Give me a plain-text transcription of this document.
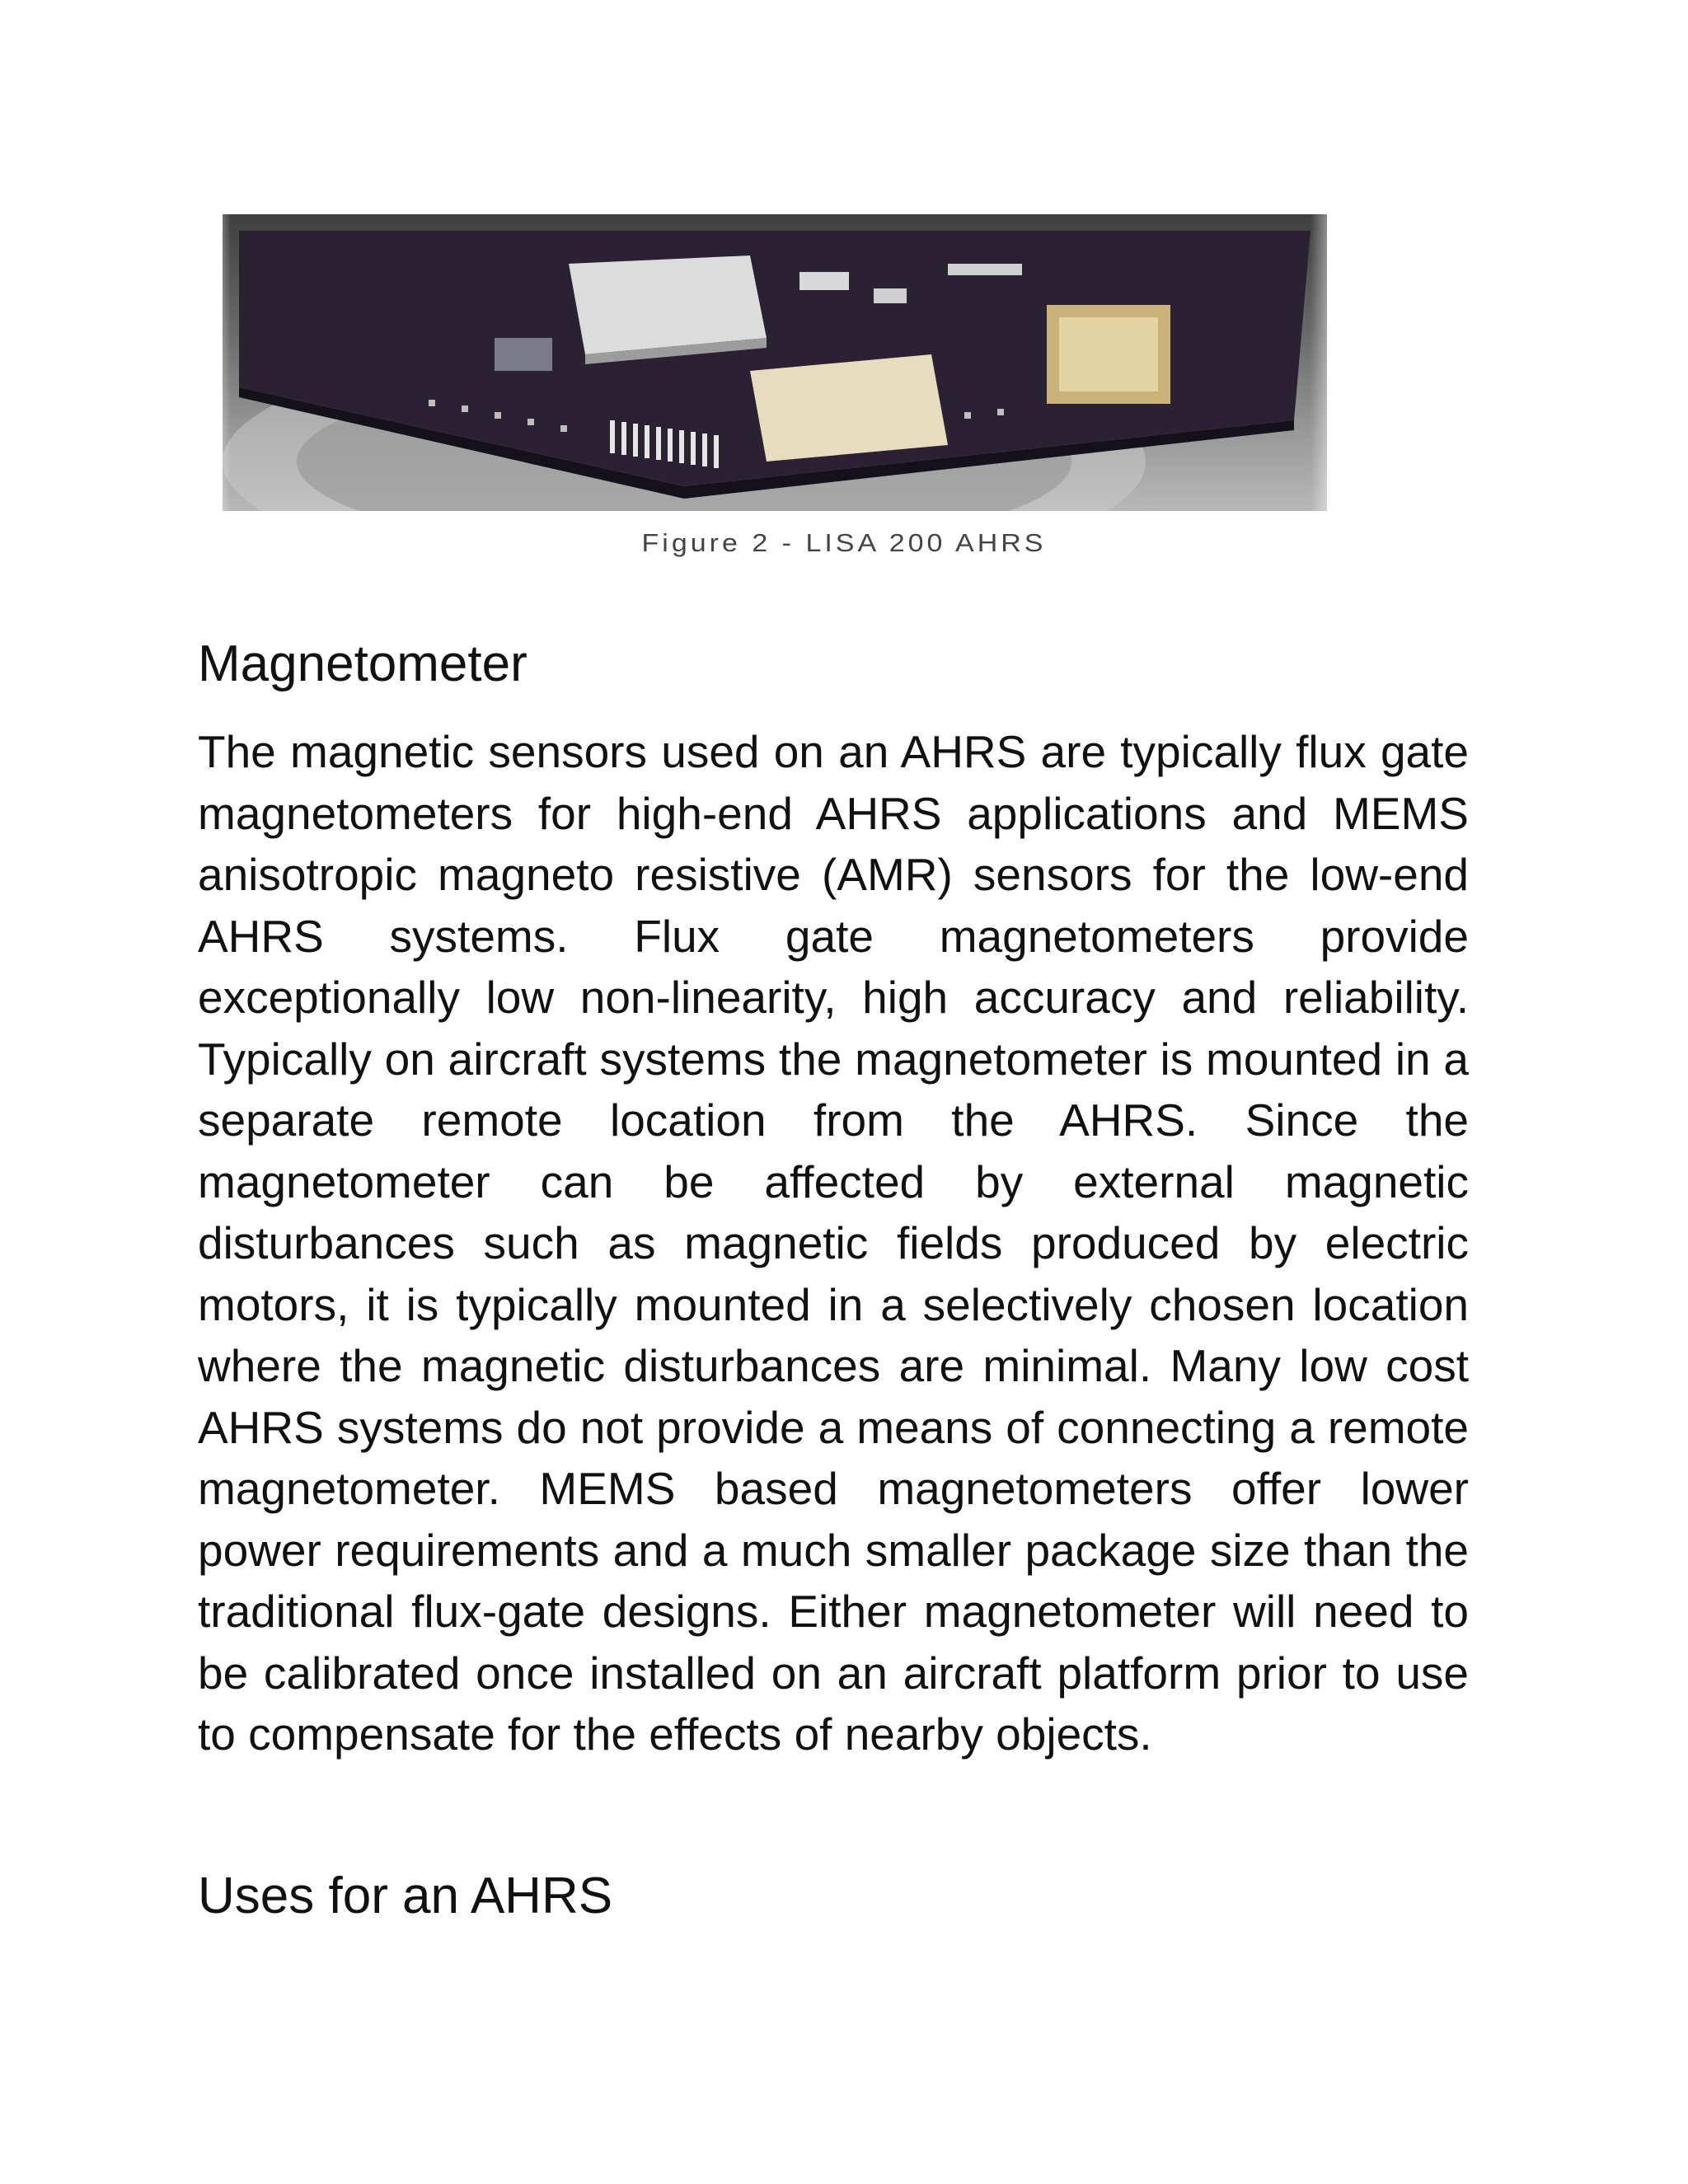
Figure 2 - LISA 200 AHRS
Magnetometer

The magnetic sensors used on an AHRS are typically flux gate magnetometers for high-end AHRS applications and MEMS anisotropic magneto resistive (AMR) sensors for the low-end AHRS systems. Flux gate magnetometers provide exceptionally low non-linearity, high accuracy and reliability. Typically on aircraft systems the magnetometer is mounted in a separate remote location from the AHRS. Since the magnetometer can be affected by external magnetic disturbances such as magnetic fields produced by electric motors, it is typically mounted in a selectively chosen location where the magnetic disturbances are minimal. Many low cost AHRS systems do not provide a means of connecting a remote magnetometer. MEMS based magnetometers offer lower power requirements and a much smaller package size than the traditional flux-gate designs. Either magnetometer will need to be calibrated once installed on an aircraft platform prior to use to compensate for the effects of nearby objects.

Uses for an AHRS
